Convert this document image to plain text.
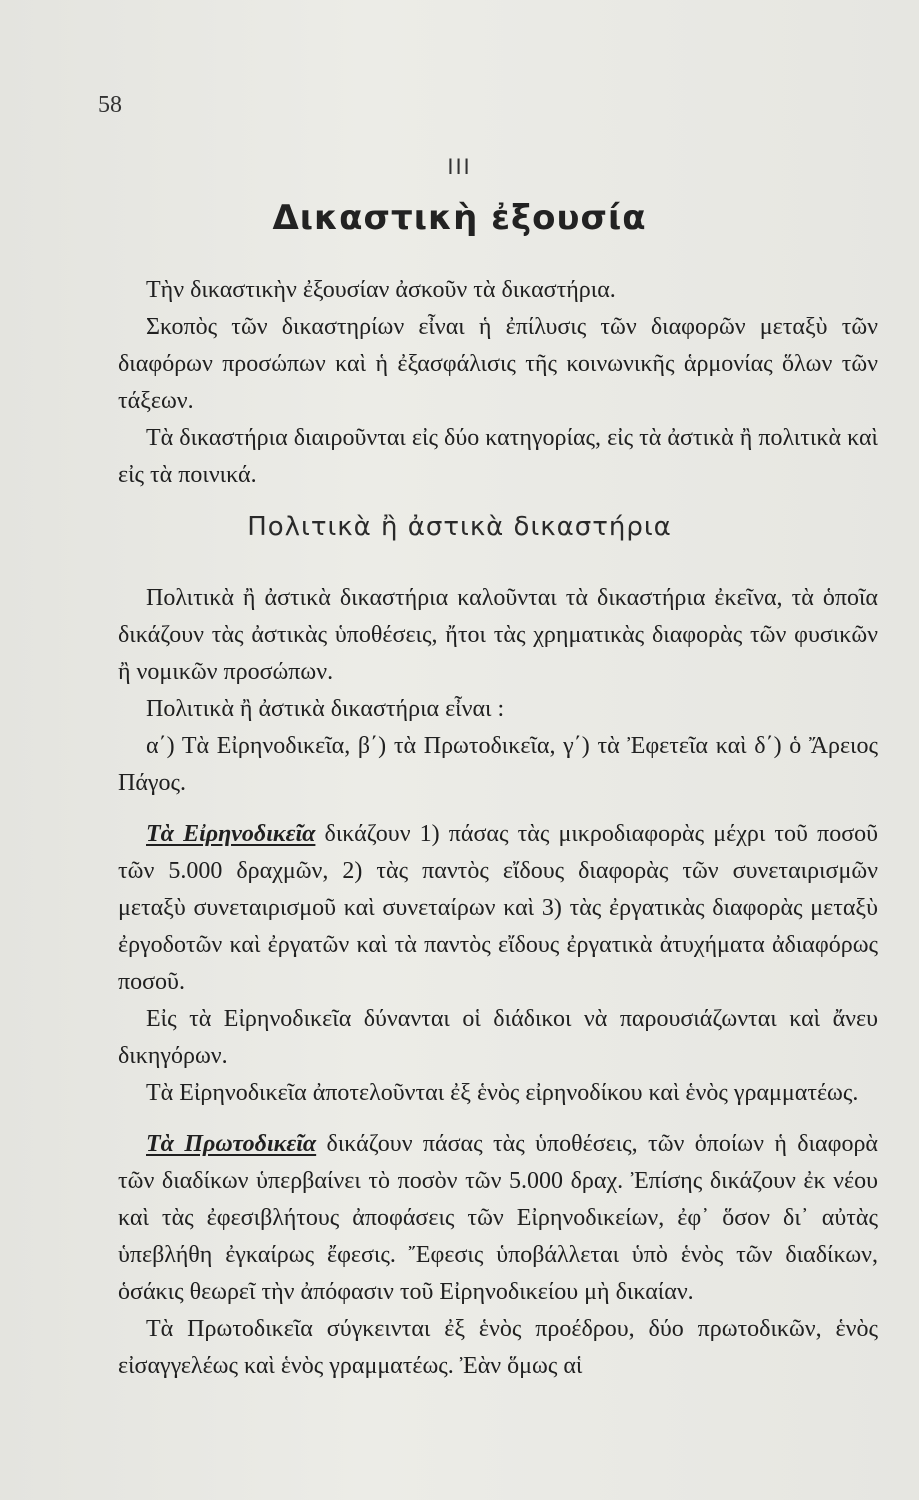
58
III
Δικαστικὴ ἐξουσία

Τὴν δικαστικὴν ἐξουσίαν ἀσκοῦν τὰ δικαστήρια.

Σκοπὸς τῶν δικαστηρίων εἶναι ἡ ἐπίλυσις τῶν διαφορῶν μεταξὺ τῶν διαφόρων προσώπων καὶ ἡ ἐξασφάλισις τῆς κοινωνικῆς ἁρμονίας ὅλων τῶν τάξεων.

Τὰ δικαστήρια διαιροῦνται εἰς δύο κατηγορίας, εἰς τὰ ἀστικὰ ἢ πολιτικὰ καὶ εἰς τὰ ποινικά.

Πολιτικὰ ἢ ἀστικὰ δικαστήρια

Πολιτικὰ ἢ ἀστικὰ δικαστήρια καλοῦνται τὰ δικαστήρια ἐκεῖνα, τὰ ὁποῖα δικάζουν τὰς ἀστικὰς ὑποθέσεις, ἤτοι τὰς χρηματικὰς διαφορὰς τῶν φυσικῶν ἢ νομικῶν προσώπων.

Πολιτικὰ ἢ ἀστικὰ δικαστήρια εἶναι :

α΄) Τὰ Εἰρηνοδικεῖα, β΄) τὰ Πρωτοδικεῖα, γ΄) τὰ Ἐφετεῖα καὶ δ΄) ὁ Ἄρειος Πάγος.

Τὰ Εἰρηνοδικεῖα δικάζουν 1) πάσας τὰς μικροδιαφορὰς μέχρι τοῦ ποσοῦ τῶν 5.000 δραχμῶν, 2) τὰς παντὸς εἴδους διαφορὰς τῶν συνεταιρισμῶν μεταξὺ συνεταιρισμοῦ καὶ συνεταίρων καὶ 3) τὰς ἐργατικὰς διαφορὰς μεταξὺ ἐργοδοτῶν καὶ ἐργατῶν καὶ τὰ παντὸς εἴδους ἐργατικὰ ἀτυχήματα ἀδιαφόρως ποσοῦ.

Εἰς τὰ Εἰρηνοδικεῖα δύνανται οἱ διάδικοι νὰ παρουσιάζωνται καὶ ἄνευ δικηγόρων.

Τὰ Εἰρηνοδικεῖα ἀποτελοῦνται ἐξ ἑνὸς εἰρηνοδίκου καὶ ἑνὸς γραμματέως.

Τὰ Πρωτοδικεῖα δικάζουν πάσας τὰς ὑποθέσεις, τῶν ὁποίων ἡ διαφορὰ τῶν διαδίκων ὑπερβαίνει τὸ ποσὸν τῶν 5.000 δραχ. Ἐπίσης δικάζουν ἐκ νέου καὶ τὰς ἐφεσιβλήτους ἀποφάσεις τῶν Εἰρηνοδικείων, ἐφ᾽ ὅσον δι᾽ αὐτὰς ὑπεβλήθη ἐγκαίρως ἔφεσις. Ἔφεσις ὑποβάλλεται ὑπὸ ἑνὸς τῶν διαδίκων, ὁσάκις θεωρεῖ τὴν ἀπόφασιν τοῦ Εἰρηνοδικείου μὴ δικαίαν.

Τὰ Πρωτοδικεῖα σύγκεινται ἐξ ἑνὸς προέδρου, δύο πρωτοδικῶν, ἑνὸς εἰσαγγελέως καὶ ἑνὸς γραμματέως. Ἐὰν ὅμως αἱ
